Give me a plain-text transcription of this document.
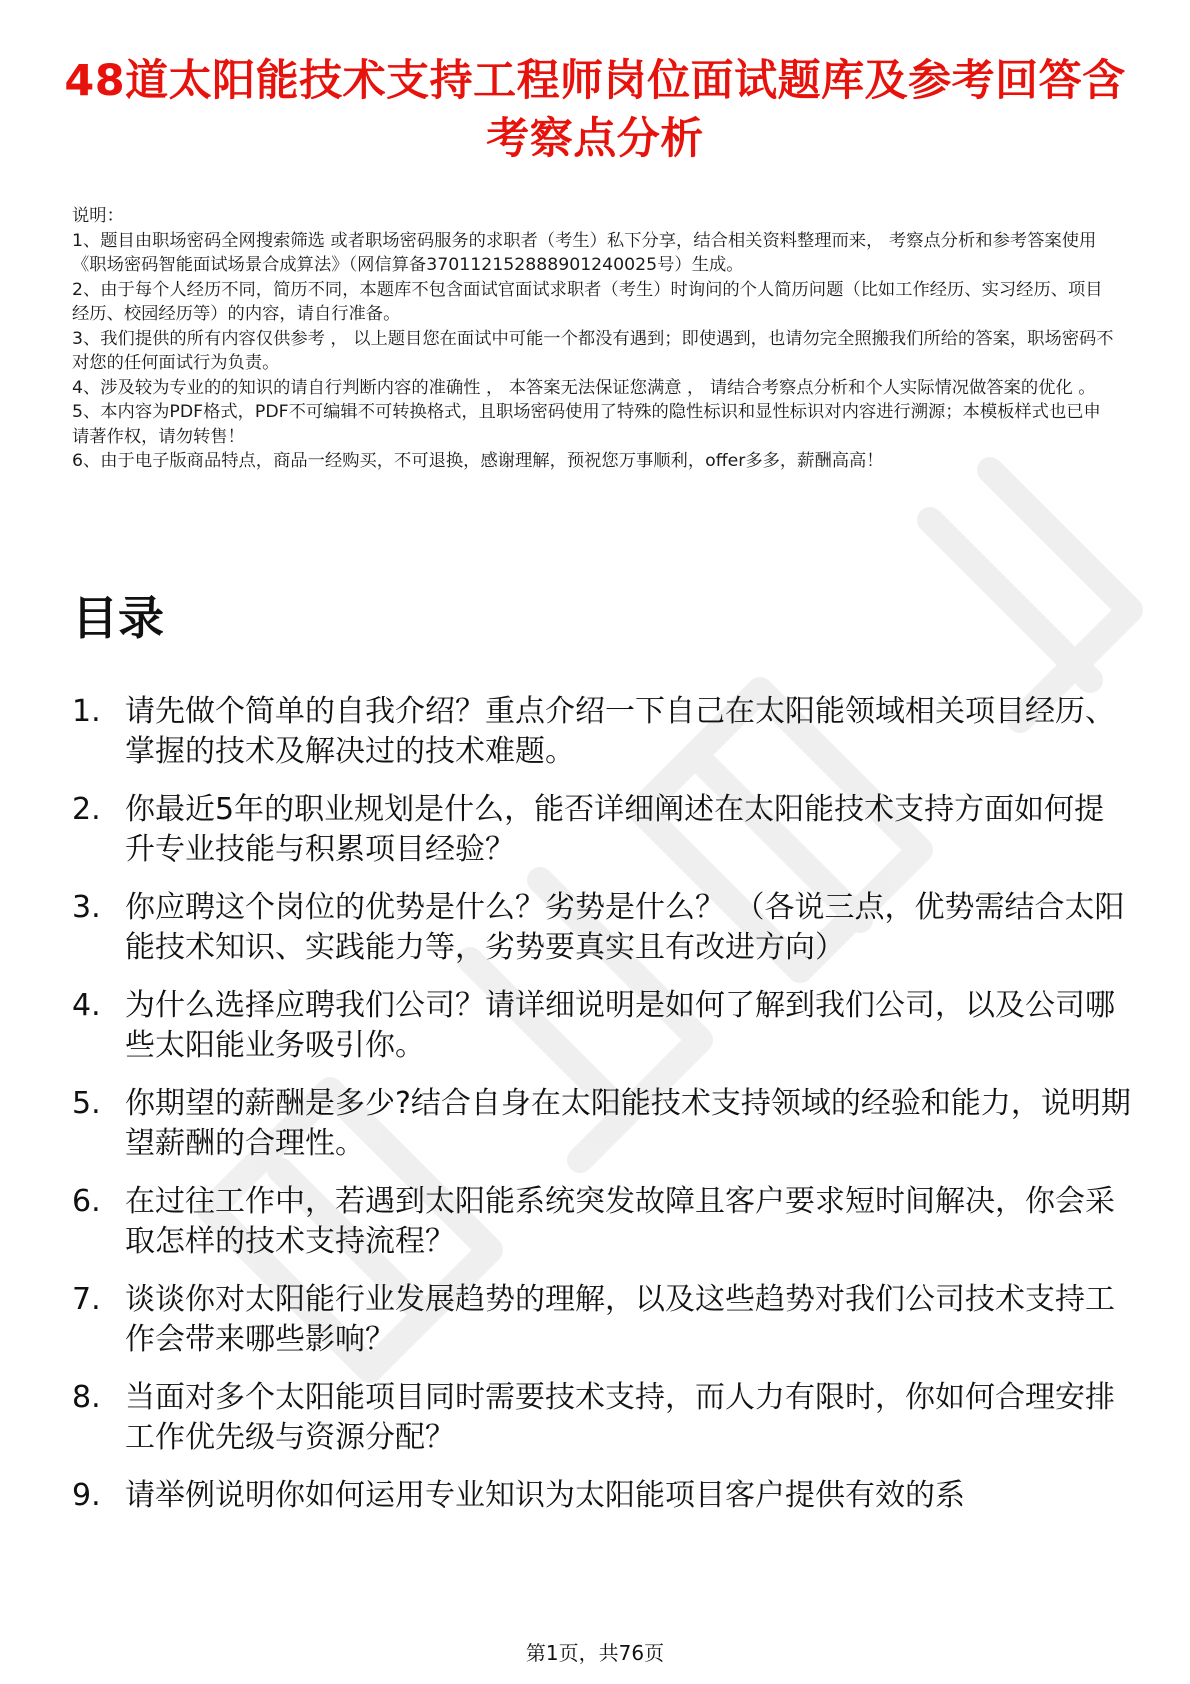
48道太阳能技术支持工程师岗位面试题库及参考回答含考察点分析

说明：

1、题目由职场密码全网搜索筛选 或者职场密码服务的求职者（考生）私下分享，结合相关资料整理而来， 考察点分析和参考答案使用《职场密码智能面试场景合成算法》（网信算备370112152888901240025号）生成。

2、由于每个人经历不同，简历不同，本题库不包含面试官面试求职者（考生）时询问的个人简历问题（比如工作经历、实习经历、项目经历、校园经历等）的内容，请自行准备。

3、我们提供的所有内容仅供参考 ， 以上题目您在面试中可能一个都没有遇到；即使遇到，也请勿完全照搬我们所给的答案，职场密码不对您的任何面试行为负责。

4、涉及较为专业的的知识的请自行判断内容的准确性 ， 本答案无法保证您满意 ， 请结合考察点分析和个人实际情况做答案的优化 。

5、本内容为PDF格式，PDF不可编辑不可转换格式，且职场密码使用了特殊的隐性标识和显性标识对内容进行溯源；本模板样式也已申请著作权，请勿转售！

6、由于电子版商品特点，商品一经购买，不可退换，感谢理解，预祝您万事顺利，offer多多，薪酬高高！

目录
1. 请先做个简单的自我介绍？重点介绍一下自己在太阳能领域相关项目经历、掌握的技术及解决过的技术难题。
2. 你最近5年的职业规划是什么，能否详细阐述在太阳能技术支持方面如何提升专业技能与积累项目经验？
3. 你应聘这个岗位的优势是什么？劣势是什么？ （各说三点，优势需结合太阳能技术知识、实践能力等，劣势要真实且有改进方向）
4. 为什么选择应聘我们公司？请详细说明是如何了解到我们公司，以及公司哪些太阳能业务吸引你。
5. 你期望的薪酬是多少?结合自身在太阳能技术支持领域的经验和能力，说明期望薪酬的合理性。
6. 在过往工作中，若遇到太阳能系统突发故障且客户要求短时间解决，你会采取怎样的技术支持流程？
7. 谈谈你对太阳能行业发展趋势的理解，以及这些趋势对我们公司技术支持工作会带来哪些影响？
8. 当面对多个太阳能项目同时需要技术支持，而人力有限时，你如何合理安排工作优先级与资源分配？
9. 请举例说明你如何运用专业知识为太阳能项目客户提供有效的系
第1页，共76页
